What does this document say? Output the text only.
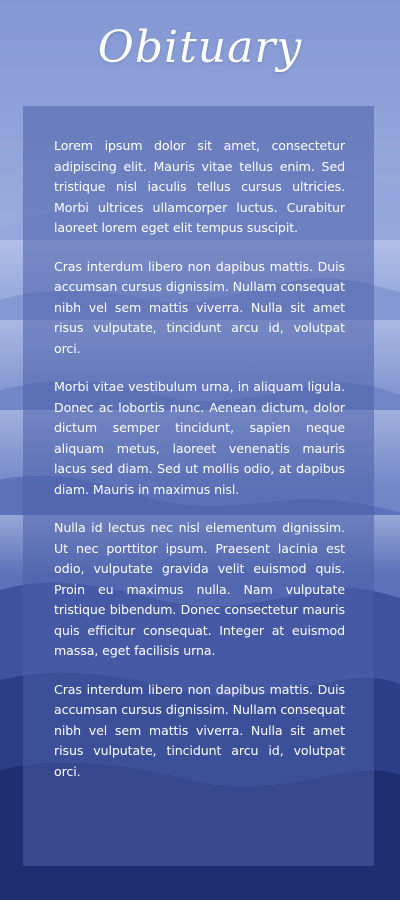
Obituary

Lorem ipsum dolor sit amet, consectetur adipiscing elit. Mauris vitae tellus enim. Sed tristique nisl iaculis tellus cursus ultricies. Morbi ultrices ullamcorper luctus. Curabitur laoreet lorem eget elit tempus suscipit.

Cras interdum libero non dapibus mattis. Duis accumsan cursus dignissim. Nullam consequat nibh vel sem mattis viverra. Nulla sit amet risus vulputate, tincidunt arcu id, volutpat orci.

Morbi vitae vestibulum urna, in aliquam ligula. Donec ac lobortis nunc. Aenean dictum, dolor dictum semper tincidunt, sapien neque aliquam metus, laoreet venenatis mauris lacus sed diam. Sed ut mollis odio, at dapibus diam. Mauris in maximus nisl.

Nulla id lectus nec nisl elementum dignissim. Ut nec porttitor ipsum. Praesent lacinia est odio, vulputate gravida velit euismod quis. Proin eu maximus nulla. Nam vulputate tristique bibendum. Donec consectetur mauris quis efficitur consequat. Integer at euismod massa, eget facilisis urna.

Cras interdum libero non dapibus mattis. Duis accumsan cursus dignissim. Nullam consequat nibh vel sem mattis viverra. Nulla sit amet risus vulputate, tincidunt arcu id, volutpat orci.
